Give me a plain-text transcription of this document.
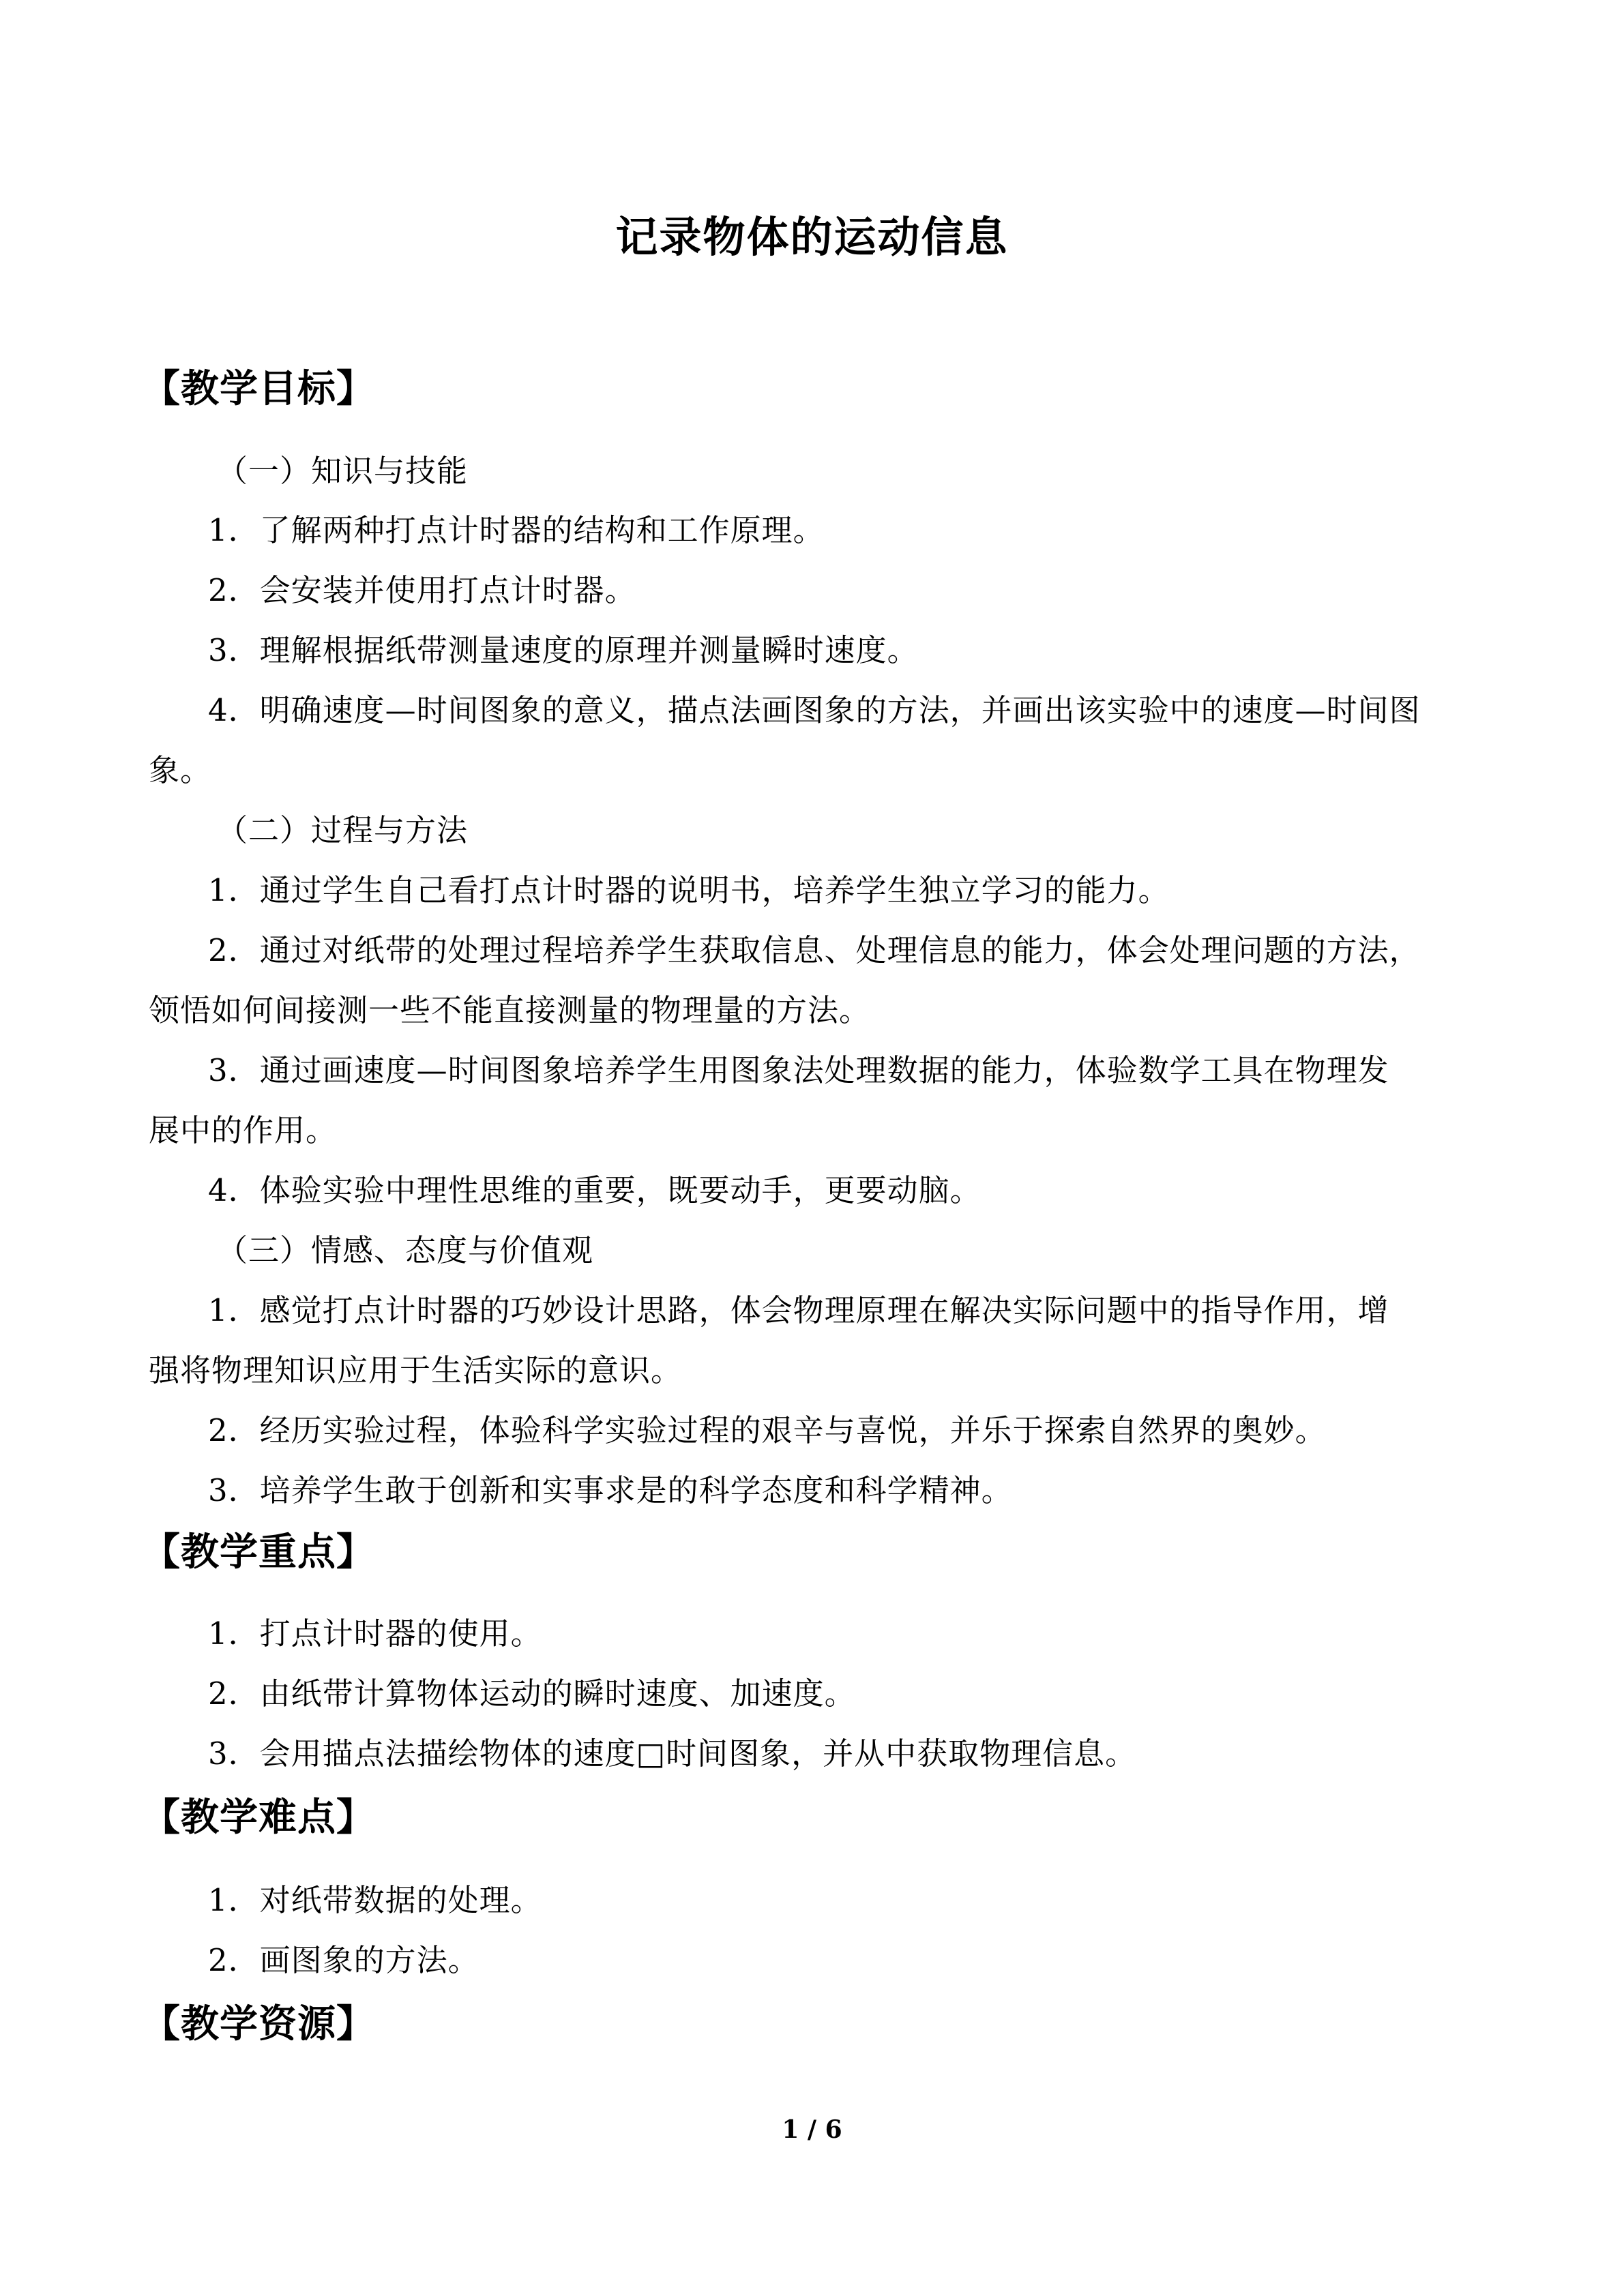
记录物体的运动信息
【教学目标】
（一）知识与技能
1．了解两种打点计时器的结构和工作原理。
2．会安装并使用打点计时器。
3．理解根据纸带测量速度的原理并测量瞬时速度。
4．明确速度—时间图象的意义，描点法画图象的方法，并画出该实验中的速度—时间图
象。
（二）过程与方法
1．通过学生自己看打点计时器的说明书，培养学生独立学习的能力。
2．通过对纸带的处理过程培养学生获取信息、处理信息的能力，体会处理问题的方法，
领悟如何间接测一些不能直接测量的物理量的方法。
3．通过画速度—时间图象培养学生用图象法处理数据的能力，体验数学工具在物理发
展中的作用。
4．体验实验中理性思维的重要，既要动手，更要动脑。
（三）情感、态度与价值观
1．感觉打点计时器的巧妙设计思路，体会物理原理在解决实际问题中的指导作用，增
强将物理知识应用于生活实际的意识。
2．经历实验过程，体验科学实验过程的艰辛与喜悦，并乐于探索自然界的奥妙。
3．培养学生敢于创新和实事求是的科学态度和科学精神。
【教学重点】
1．打点计时器的使用。
2．由纸带计算物体运动的瞬时速度、加速度。
3．会用描点法描绘物体的速度□时间图象，并从中获取物理信息。
【教学难点】
1．对纸带数据的处理。
2．画图象的方法。
【教学资源】
1 / 6
